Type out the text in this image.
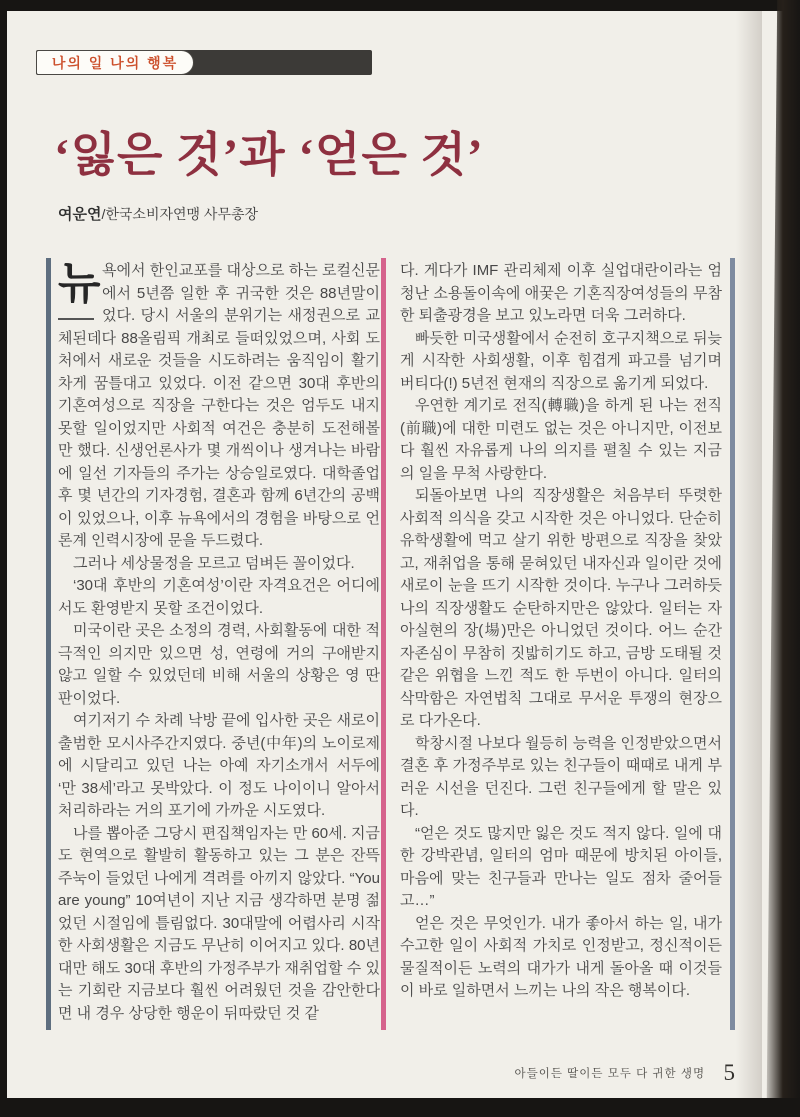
나의 일 나의 행복
‘잃은 것’과 ‘얻은 것’
여운연/한국소비자연맹 사무총장

뉴 욕에서 한인교포를 대상으로 하는 로컬신문에서 5년쯤 일한 후 귀국한 것은 88년말이었다. 당시 서울의 분위기는 새정권으로 교체된데다 88올림픽 개최로 들떠있었으며, 사회 도처에서 새로운 것들을 시도하려는 움직임이 활기차게 꿈틀대고 있었다. 이전 같으면 30대 후반의 기혼여성으로 직장을 구한다는 것은 엄두도 내지 못할 일이었지만 사회적 여건은 충분히 도전해볼 만 했다. 신생언론사가 몇 개씩이나 생겨나는 바람에 일선 기자들의 주가는 상승일로였다. 대학졸업 후 몇 년간의 기자경험, 결혼과 함께 6년간의 공백이 있었으나, 이후 뉴욕에서의 경험을 바탕으로 언론계 인력시장에 문을 두드렸다.

그러나 세상물정을 모르고 덤벼든 꼴이었다.

‘30대 후반의 기혼여성’이란 자격요건은 어디에서도 환영받지 못할 조건이었다.

미국이란 곳은 소정의 경력, 사회활동에 대한 적극적인 의지만 있으면 성, 연령에 거의 구애받지 않고 일할 수 있었던데 비해 서울의 상황은 영 딴판이었다.

여기저기 수 차례 낙방 끝에 입사한 곳은 새로이 출범한 모시사주간지였다. 중년(中年)의 노이로제에 시달리고 있던 나는 아예 자기소개서 서두에 ‘만 38세’라고 못박았다. 이 정도 나이이니 알아서 처리하라는 거의 포기에 가까운 시도였다.

나를 뽑아준 그당시 편집책임자는 만 60세. 지금도 현역으로 활발히 활동하고 있는 그 분은 잔뜩 주눅이 들었던 나에게 격려를 아끼지 않았다. “You are young” 10여년이 지난 지금 생각하면 분명 젊었던 시절임에 틀림없다. 30대말에 어렵사리 시작한 사회생활은 지금도 무난히 이어지고 있다. 80년대만 해도 30대 후반의 가정주부가 재취업할 수 있는 기회란 지금보다 훨씬 어려웠던 것을 감안한다면 내 경우 상당한 행운이 뒤따랐던 것 같

다. 게다가 IMF 관리체제 이후 실업대란이라는 엄청난 소용돌이속에 애꿎은 기혼직장여성들의 무참한 퇴출광경을 보고 있노라면 더욱 그러하다.

빠듯한 미국생활에서 순전히 호구지책으로 뒤늦게 시작한 사회생활, 이후 힘겹게 파고를 넘기며 버티다(!) 5년전 현재의 직장으로 옮기게 되었다.

우연한 계기로 전직(轉職)을 하게 된 나는 전직(前職)에 대한 미련도 없는 것은 아니지만, 이전보다 훨씬 자유롭게 나의 의지를 펼칠 수 있는 지금의 일을 무척 사랑한다.

되돌아보면 나의 직장생활은 처음부터 뚜렷한 사회적 의식을 갖고 시작한 것은 아니었다. 단순히 유학생활에 먹고 살기 위한 방편으로 직장을 찾았고, 재취업을 통해 묻혀있던 내자신과 일이란 것에 새로이 눈을 뜨기 시작한 것이다. 누구나 그러하듯 나의 직장생활도 순탄하지만은 않았다. 일터는 자아실현의 장(場)만은 아니었던 것이다. 어느 순간 자존심이 무참히 짓밟히기도 하고, 금방 도태될 것 같은 위협을 느낀 적도 한 두번이 아니다. 일터의 삭막함은 자연법칙 그대로 무서운 투쟁의 현장으로 다가온다.

학창시절 나보다 월등히 능력을 인정받았으면서 결혼 후 가정주부로 있는 친구들이 때때로 내게 부러운 시선을 던진다. 그런 친구들에게 할 말은 있다.

“얻은 것도 많지만 잃은 것도 적지 않다. 일에 대한 강박관념, 일터의 엄마 때문에 방치된 아이들, 마음에 맞는 친구들과 만나는 일도 점차 줄어들고…”

얻은 것은 무엇인가. 내가 좋아서 하는 일, 내가 수고한 일이 사회적 가치로 인정받고, 정신적이든 물질적이든 노력의 대가가 내게 돌아올 때 이것들이 바로 일하면서 느끼는 나의 작은 행복이다.

아들이든 딸이든 모두 다 귀한 생명 5
